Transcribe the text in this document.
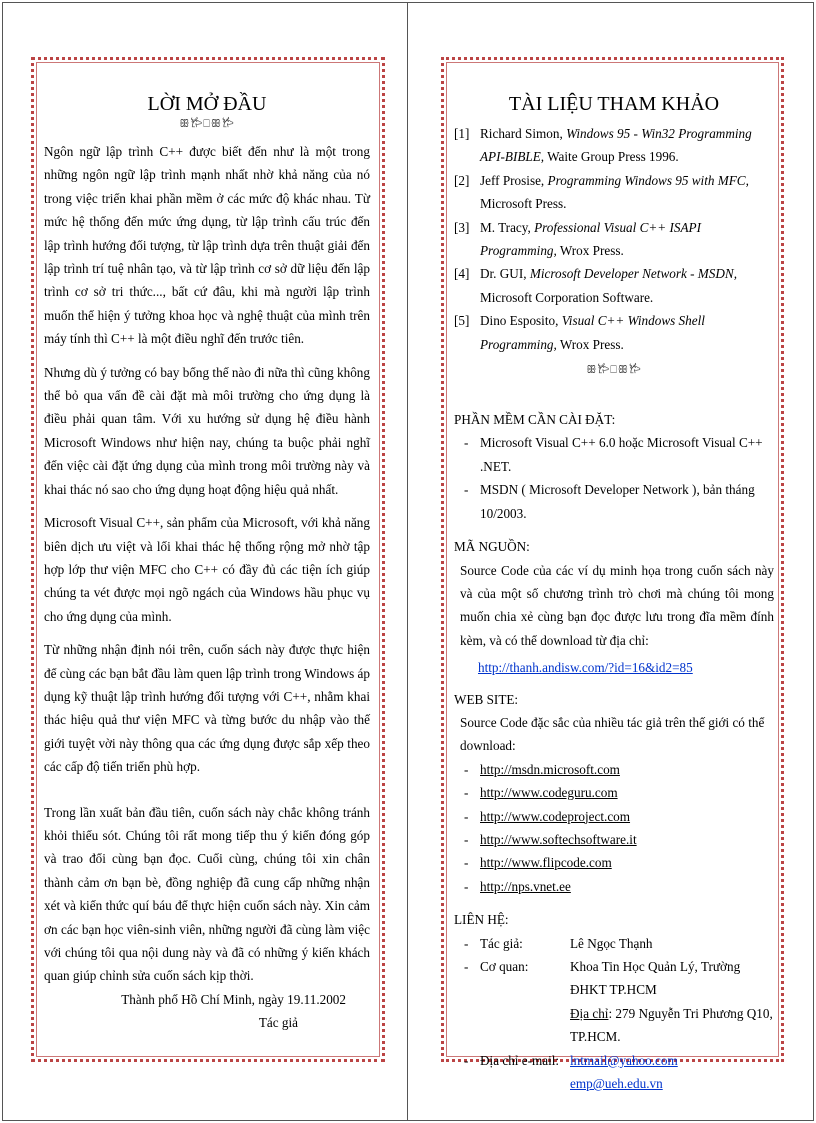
LỜI MỞ ĐẦU
ꕥ𐂂⎕ꕥ𐂂

Ngôn ngữ lập trình C++ được biết đến như là một trong những ngôn ngữ lập trình mạnh nhất nhờ khả năng của nó trong việc triển khai phần mềm ở các mức độ khác nhau. Từ mức hệ thống đến mức ứng dụng, từ lập trình cấu trúc đến lập trình hướng đối tượng, từ lập trình dựa trên thuật giải đến lập trình trí tuệ nhân tạo, và từ lập trình cơ sở dữ liệu đến lập trình cơ sở tri thức..., bất cứ đâu, khi mà người lập trình muốn thể hiện ý tưởng khoa học và nghệ thuật của mình trên máy tính thì C++ là một điều nghĩ đến trước tiên.

Nhưng dù ý tưởng có bay bổng thế nào đi nữa thì cũng không thể bỏ qua vấn đề cài đặt mà môi trường cho ứng dụng là điều phải quan tâm. Với xu hướng sử dụng hệ điều hành Microsoft Windows như hiện nay, chúng ta buộc phải nghĩ đến việc cài đặt ứng dụng của mình trong môi trường này và khai thác nó sao cho ứng dụng hoạt động hiệu quả nhất.

Microsoft Visual C++, sản phẩm của Microsoft, với khả năng biên dịch ưu việt và lối khai thác hệ thống rộng mở nhờ tập hợp lớp thư viện MFC cho C++ có đầy đủ các tiện ích giúp chúng ta vét được mọi ngõ ngách của Windows hầu phục vụ cho ứng dụng của mình.

Từ những nhận định nói trên, cuốn sách này được thực hiện để cùng các bạn bắt đầu làm quen lập trình trong Windows áp dụng kỹ thuật lập trình hướng đối tượng với C++, nhằm khai thác hiệu quả thư viện MFC và từng bước du nhập vào thế giới tuyệt vời này thông qua các ứng dụng được sắp xếp theo các cấp độ tiến triển phù hợp.

Trong lần xuất bản đầu tiên, cuốn sách này chắc không tránh khỏi thiếu sót. Chúng tôi rất mong tiếp thu ý kiến đóng góp và trao đổi cùng bạn đọc. Cuối cùng, chúng tôi xin chân thành cảm ơn bạn bè, đồng nghiệp đã cung cấp những nhận xét và kiến thức quí báu để thực hiện cuốn sách này. Xin cảm ơn các bạn học viên-sinh viên, những người đã cùng làm việc với chúng tôi qua nội dung này và đã có những ý kiến khách quan giúp chỉnh sửa cuốn sách kịp thời.

Thành phố Hồ Chí Minh, ngày 19.11.2002
Tác giả
TÀI LIỆU THAM KHẢO
[1] Richard Simon, Windows 95 - Win32 Programming API-BIBLE, Waite Group Press 1996.
[2] Jeff Prosise, Programming Windows 95 with MFC, Microsoft Press.
[3] M. Tracy, Professional Visual C++ ISAPI Programming, Wrox Press.
[4] Dr. GUI, Microsoft Developer Network - MSDN, Microsoft Corporation Software.
[5] Dino Esposito, Visual C++ Windows Shell Programming, Wrox Press.
ꕥ𐂂⎕ꕥ𐂂
PHẦN MỀM CẦN CÀI ĐẶT:
- Microsoft Visual C++ 6.0 hoặc Microsoft Visual C++ .NET.
- MSDN ( Microsoft Developer Network ), bản tháng 10/2003.
MÃ NGUỒN:
Source Code của các ví dụ minh họa trong cuốn sách này và của một số chương trình trò chơi mà chúng tôi mong muốn chia xẻ cùng bạn đọc được lưu trong đĩa mềm đính kèm, và có thể download từ địa chỉ:
http://thanh.andisw.com/?id=16&id2=85
WEB SITE:
Source Code đặc sắc của nhiều tác giả trên thế giới có thể download:
- http://msdn.microsoft.com
- http://www.codeguru.com
- http://www.codeproject.com
- http://www.softechsoftware.it
- http://www.flipcode.com
- http://nps.vnet.ee
LIÊN HỆ:
- Tác giả:	Lê Ngọc Thạnh
- Cơ quan:	Khoa Tin Học Quản Lý, Trường ĐHKT TP.HCM
Địa chỉ: 279 Nguyễn Tri Phương Q10, TP.HCM.
- Địa chỉ e-mail: lntmail@yahoo.com
emp@ueh.edu.vn
